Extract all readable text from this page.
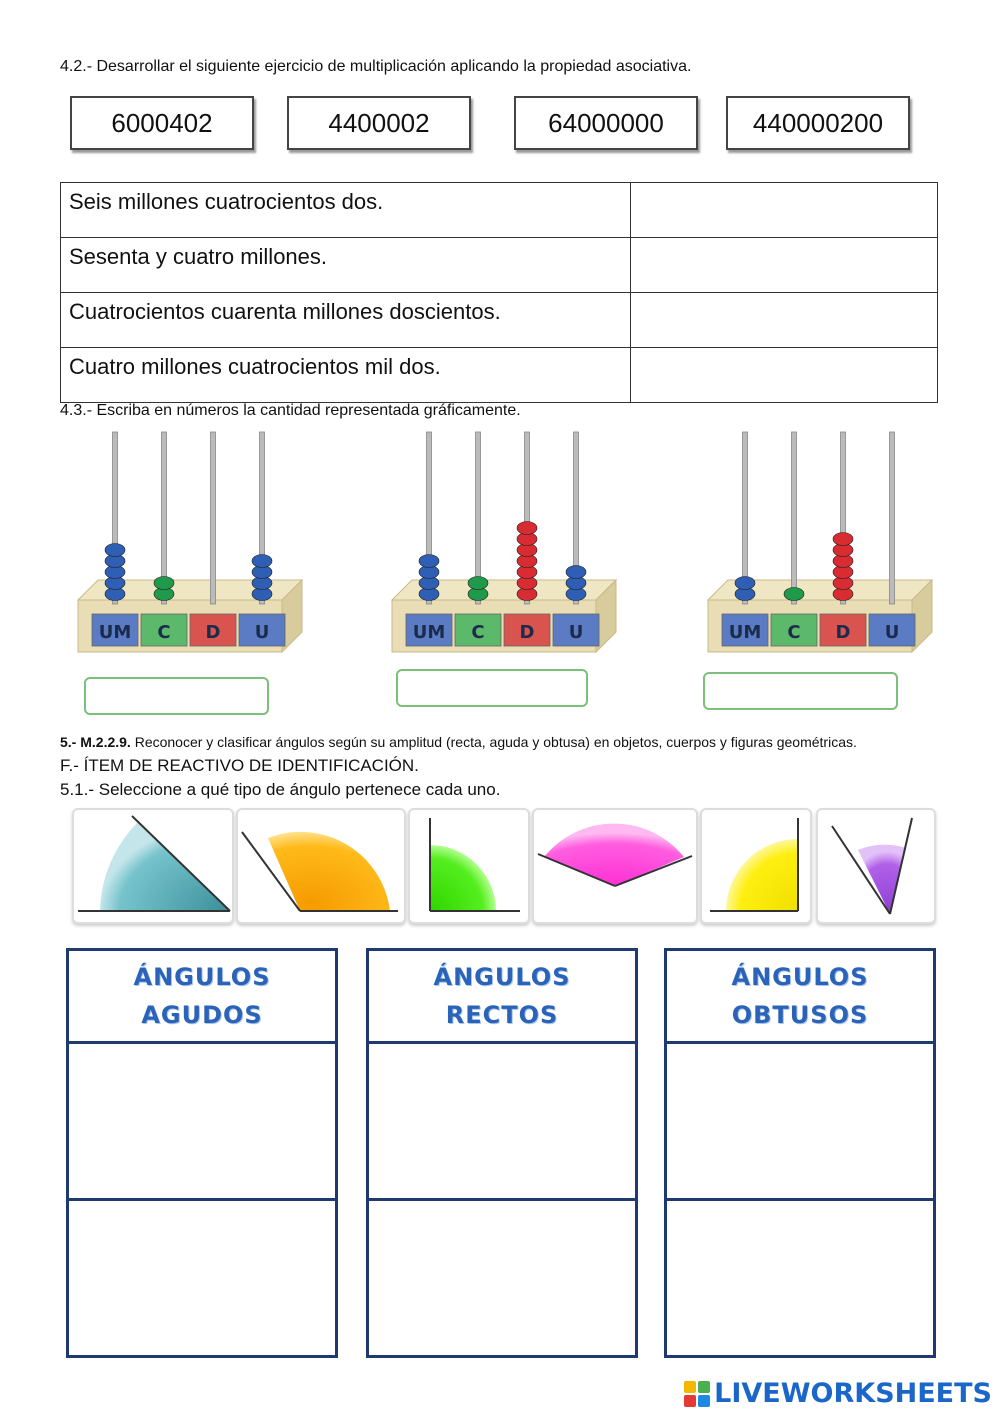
4.2.- Desarrollar el siguiente ejercicio de multiplicación aplicando la propiedad asociativa.
6000402	4400002	64000000	440000200
Seis millones cuatrocientos dos.	
Sesenta y cuatro millones.	
Cuatrocientos cuarenta millones doscientos.	
Cuatro millones cuatrocientos mil dos.	
4.3.- Escriba en números la cantidad representada gráficamente.
UM C D U	UM C D U	UM C D U
5.- M.2.2.9. Reconocer y clasificar ángulos según su amplitud (recta, aguda y obtusa) en objetos, cuerpos y figuras geométricas.
F.- ÍTEM DE REACTIVO DE IDENTIFICACIÓN.
5.1.- Seleccione a qué tipo de ángulo pertenece cada uno.
ÁNGULOS
AGUDOS
ÁNGULOS
RECTOS
ÁNGULOS
OBTUSOS
LIVEWORKSHEETS
